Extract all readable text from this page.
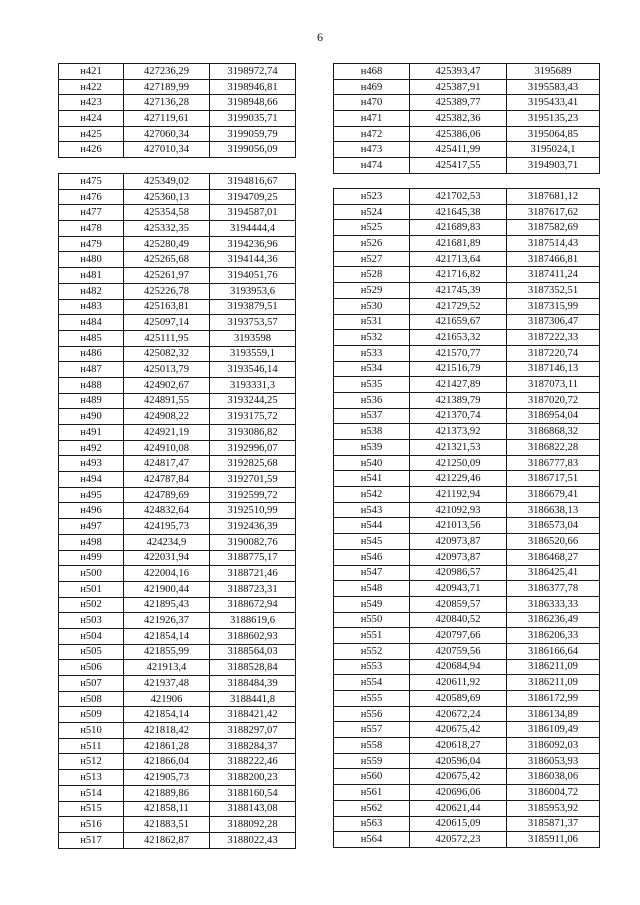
6
н421	427236,29	3198972,74
н422	427189,99	3198946,81
н423	427136,28	3198948,66
н424	427119,61	3199035,71
н425	427060,34	3199059,79
н426	427010,34	3199056,09
н475	425349,02	3194816,67
н476	425360,13	3194709,25
н477	425354,58	3194587,01
н478	425332,35	3194444,4
н479	425280,49	3194236,96
н480	425265,68	3194144,36
н481	425261,97	3194051,76
н482	425226,78	3193953,6
н483	425163,81	3193879,51
н484	425097,14	3193753,57
н485	425111,95	3193598
н486	425082,32	3193559,1
н487	425013,79	3193546,14
н488	424902,67	3193331,3
н489	424891,55	3193244,25
н490	424908,22	3193175,72
н491	424921,19	3193086,82
н492	424910,08	3192996,07
н493	424817,47	3192825,68
н494	424787,84	3192701,59
н495	424789,69	3192599,72
н496	424832,64	3192510,99
н497	424195,73	3192436,39
н498	424234,9	3190082,76
н499	422031,94	3188775,17
н500	422004,16	3188721,46
н501	421900,44	3188723,31
н502	421895,43	3188672,94
н503	421926,37	3188619,6
н504	421854,14	3188602,93
н505	421855,99	3188564,03
н506	421913,4	3188528,84
н507	421937,48	3188484,39
н508	421906	3188441,8
н509	421854,14	3188421,42
н510	421818,42	3188297,07
н511	421861,28	3188284,37
н512	421866,04	3188222,46
н513	421905,73	3188200,23
н514	421889,86	3188160,54
н515	421858,11	3188143,08
н516	421883,51	3188092,28
н517	421862,87	3188022,43
н468	425393,47	3195689
н469	425387,91	3195583,43
н470	425389,77	3195433,41
н471	425382,36	3195135,23
н472	425386,06	3195064,85
н473	425411,99	3195024,1
н474	425417,55	3194903,71
н523	421702,53	3187681,12
н524	421645,38	3187617,62
н525	421689,83	3187582,69
н526	421681,89	3187514,43
н527	421713,64	3187466,81
н528	421716,82	3187411,24
н529	421745,39	3187352,51
н530	421729,52	3187315,99
н531	421659,67	3187306,47
н532	421653,32	3187222,33
н533	421570,77	3187220,74
н534	421516,79	3187146,13
н535	421427,89	3187073,11
н536	421389,79	3187020,72
н537	421370,74	3186954,04
н538	421373,92	3186868,32
н539	421321,53	3186822,28
н540	421250,09	3186777,83
н541	421229,46	3186717,51
н542	421192,94	3186679,41
н543	421092,93	3186638,13
н544	421013,56	3186573,04
н545	420973,87	3186520,66
н546	420973,87	3186468,27
н547	420986,57	3186425,41
н548	420943,71	3186377,78
н549	420859,57	3186333,33
н550	420840,52	3186236,49
н551	420797,66	3186206,33
н552	420759,56	3186166,64
н553	420684,94	3186211,09
н554	420611,92	3186211,09
н555	420589,69	3186172,99
н556	420672,24	3186134,89
н557	420675,42	3186109,49
н558	420618,27	3186092,03
н559	420596,04	3186053,93
н560	420675,42	3186038,06
н561	420696,06	3186004,72
н562	420621,44	3185953,92
н563	420615,09	3185871,37
н564	420572,23	3185911,06
